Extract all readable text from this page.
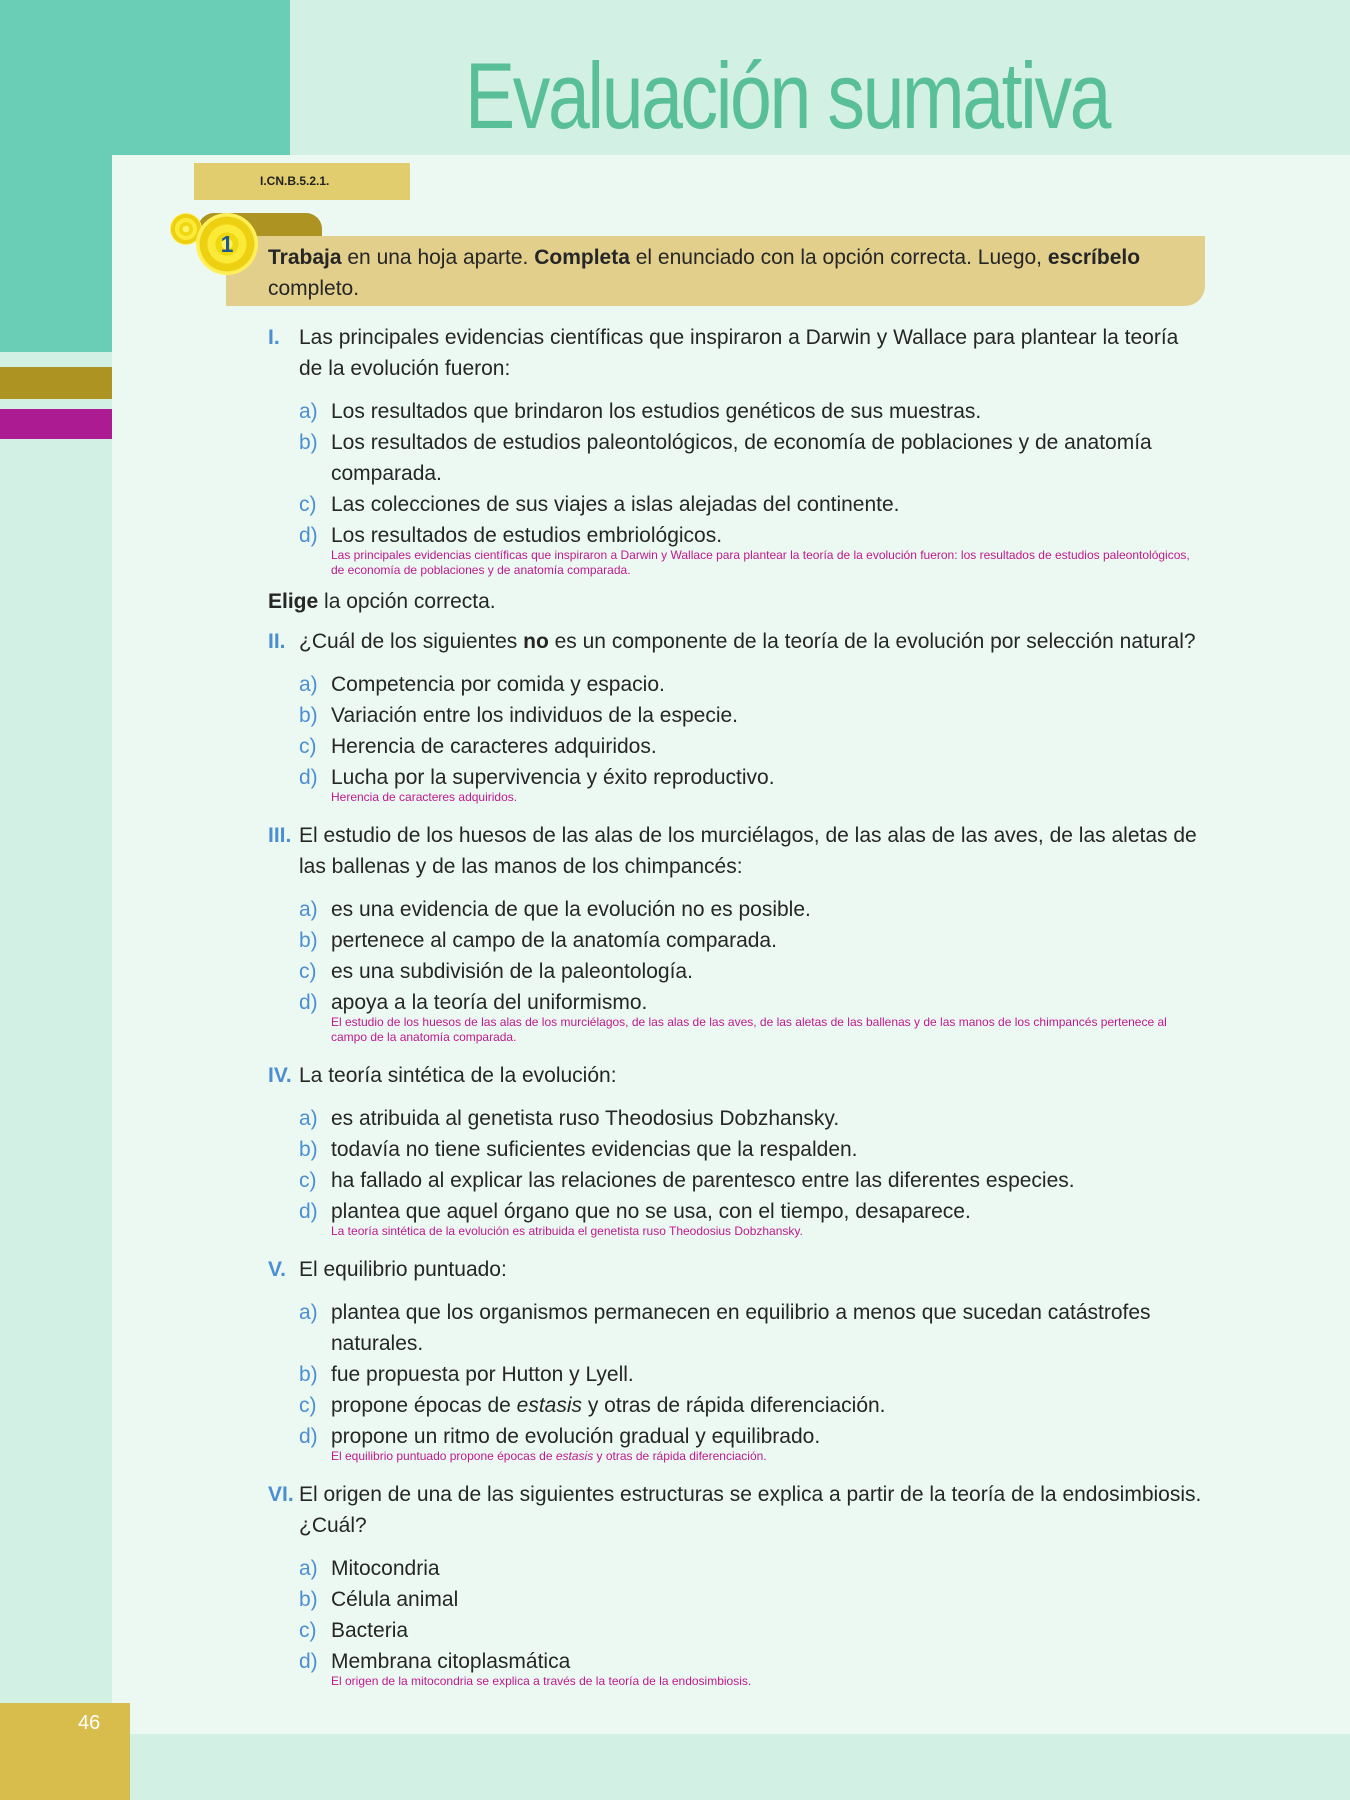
46
Evaluación sumativa
I.CN.B.5.2.1.
Trabaja en una hoja aparte. Completa el enunciado con la opción correcta. Luego, escríbelo completo.
1
I. Las principales evidencias científicas que inspiraron a Darwin y Wallace para plantear la teoría de la evolución fueron:
a) Los resultados que brindaron los estudios genéticos de sus muestras.
b) Los resultados de estudios paleontológicos, de economía de poblaciones y de anatomía comparada.
c) Las colecciones de sus viajes a islas alejadas del continente.
d) Los resultados de estudios embriológicos.
Las principales evidencias científicas que inspiraron a Darwin y Wallace para plantear la teoría de la evolución fueron: los resultados de estudios paleontológicos, de economía de poblaciones y de anatomía comparada.
Elige la opción correcta.
II. ¿Cuál de los siguientes no es un componente de la teoría de la evolución por selección natural?
a) Competencia por comida y espacio.
b) Variación entre los individuos de la especie.
c) Herencia de caracteres adquiridos.
d) Lucha por la supervivencia y éxito reproductivo.
Herencia de caracteres adquiridos.
III. El estudio de los huesos de las alas de los murciélagos, de las alas de las aves, de las aletas de las ballenas y de las manos de los chimpancés:
a) es una evidencia de que la evolución no es posible.
b) pertenece al campo de la anatomía comparada.
c) es una subdivisión de la paleontología.
d) apoya a la teoría del uniformismo.
El estudio de los huesos de las alas de los murciélagos, de las alas de las aves, de las aletas de las ballenas y de las manos de los chimpancés pertenece al campo de la anatomía comparada.
IV. La teoría sintética de la evolución:
a) es atribuida al genetista ruso Theodosius Dobzhansky.
b) todavía no tiene suficientes evidencias que la respalden.
c) ha fallado al explicar las relaciones de parentesco entre las diferentes especies.
d) plantea que aquel órgano que no se usa, con el tiempo, desaparece.
La teoría sintética de la evolución es atribuida el genetista ruso Theodosius Dobzhansky.
V. El equilibrio puntuado:
a) plantea que los organismos permanecen en equilibrio a menos que sucedan catástrofes naturales.
b) fue propuesta por Hutton y Lyell.
c) propone épocas de estasis y otras de rápida diferenciación.
d) propone un ritmo de evolución gradual y equilibrado.
El equilibrio puntuado propone épocas de estasis y otras de rápida diferenciación.
VI. El origen de una de las siguientes estructuras se explica a partir de la teoría de la endosimbiosis. ¿Cuál?
a) Mitocondria
b) Célula animal
c) Bacteria
d) Membrana citoplasmática
El origen de la mitocondria se explica a través de la teoría de la endosimbiosis.
